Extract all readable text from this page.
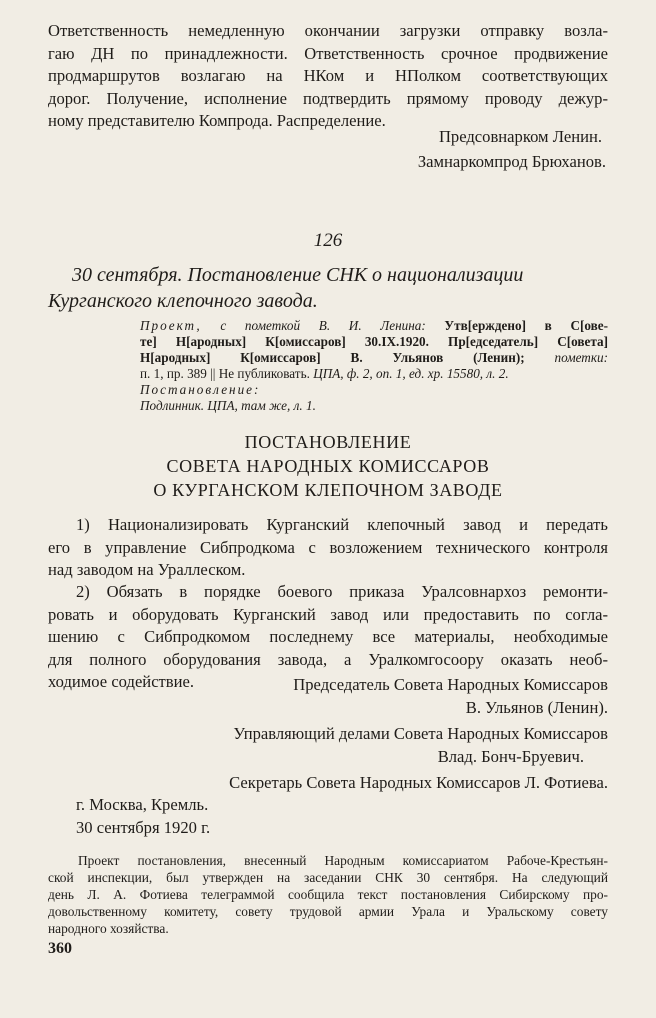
Ответственность немедленную окончании загрузки отправку возла-
гаю ДН по принадлежности. Ответственность срочное продвижение
продмаршрутов возлагаю на НКом и НПолком соответствующих
дорог. Получение, исполнение подтвердить прямому проводу дежур-
ному представителю Компрода. Распределение.
Предсовнарком Ленин.
Замнаркомпрод Брюханов.
126
30 сентября. Постановление СНК о национализации
Курганского клепочного завода.
Проект, с пометкой В. И. Ленина: Утв[ерждено] в С[ове-
те] Н[ародных] К[омиссаров] 30.IX.1920. Пр[едседатель] С[овета]
Н[ародных] К[омиссаров] В. Ульянов (Ленин); пометки:
п. 1, пр. 389 || Не публиковать. ЦПА, ф. 2, оп. 1, ед. хр. 15580, л. 2.
Постановление:
Подлинник. ЦПА, там же, л. 1.
ПОСТАНОВЛЕНИЕ
СОВЕТА НАРОДНЫХ КОМИССАРОВ
О КУРГАНСКОМ КЛЕПОЧНОМ ЗАВОДЕ
1) Национализировать Курганский клепочный завод и передать
его в управление Сибпродкома с возложением технического контроля
над заводом на Ураллеском.
2) Обязать в порядке боевого приказа Уралсовнархоз ремонти-
ровать и оборудовать Курганский завод или предоставить по согла-
шению с Сибпродкомом последнему все материалы, необходимые
для полного оборудования завода, а Уралкомгосоору оказать необ-
ходимое содействие.	Председатель Совета Народных Комиссаров
В. Ульянов (Ленин).
Управляющий делами Совета Народных Комиссаров
Влад. Бонч-Бруевич.
Секретарь Совета Народных Комиссаров Л. Фотиева.
г. Москва, Кремль.
30 сентября 1920 г.
Проект постановления, внесенный Народным комиссариатом Рабоче-Крестьян-
ской инспекции, был утвержден на заседании СНК 30 сентября. На следующий
день Л. А. Фотиева телеграммой сообщила текст постановления Сибирскому про-
довольственному комитету, совету трудовой армии Урала и Уральскому совету
народного хозяйства.
360
